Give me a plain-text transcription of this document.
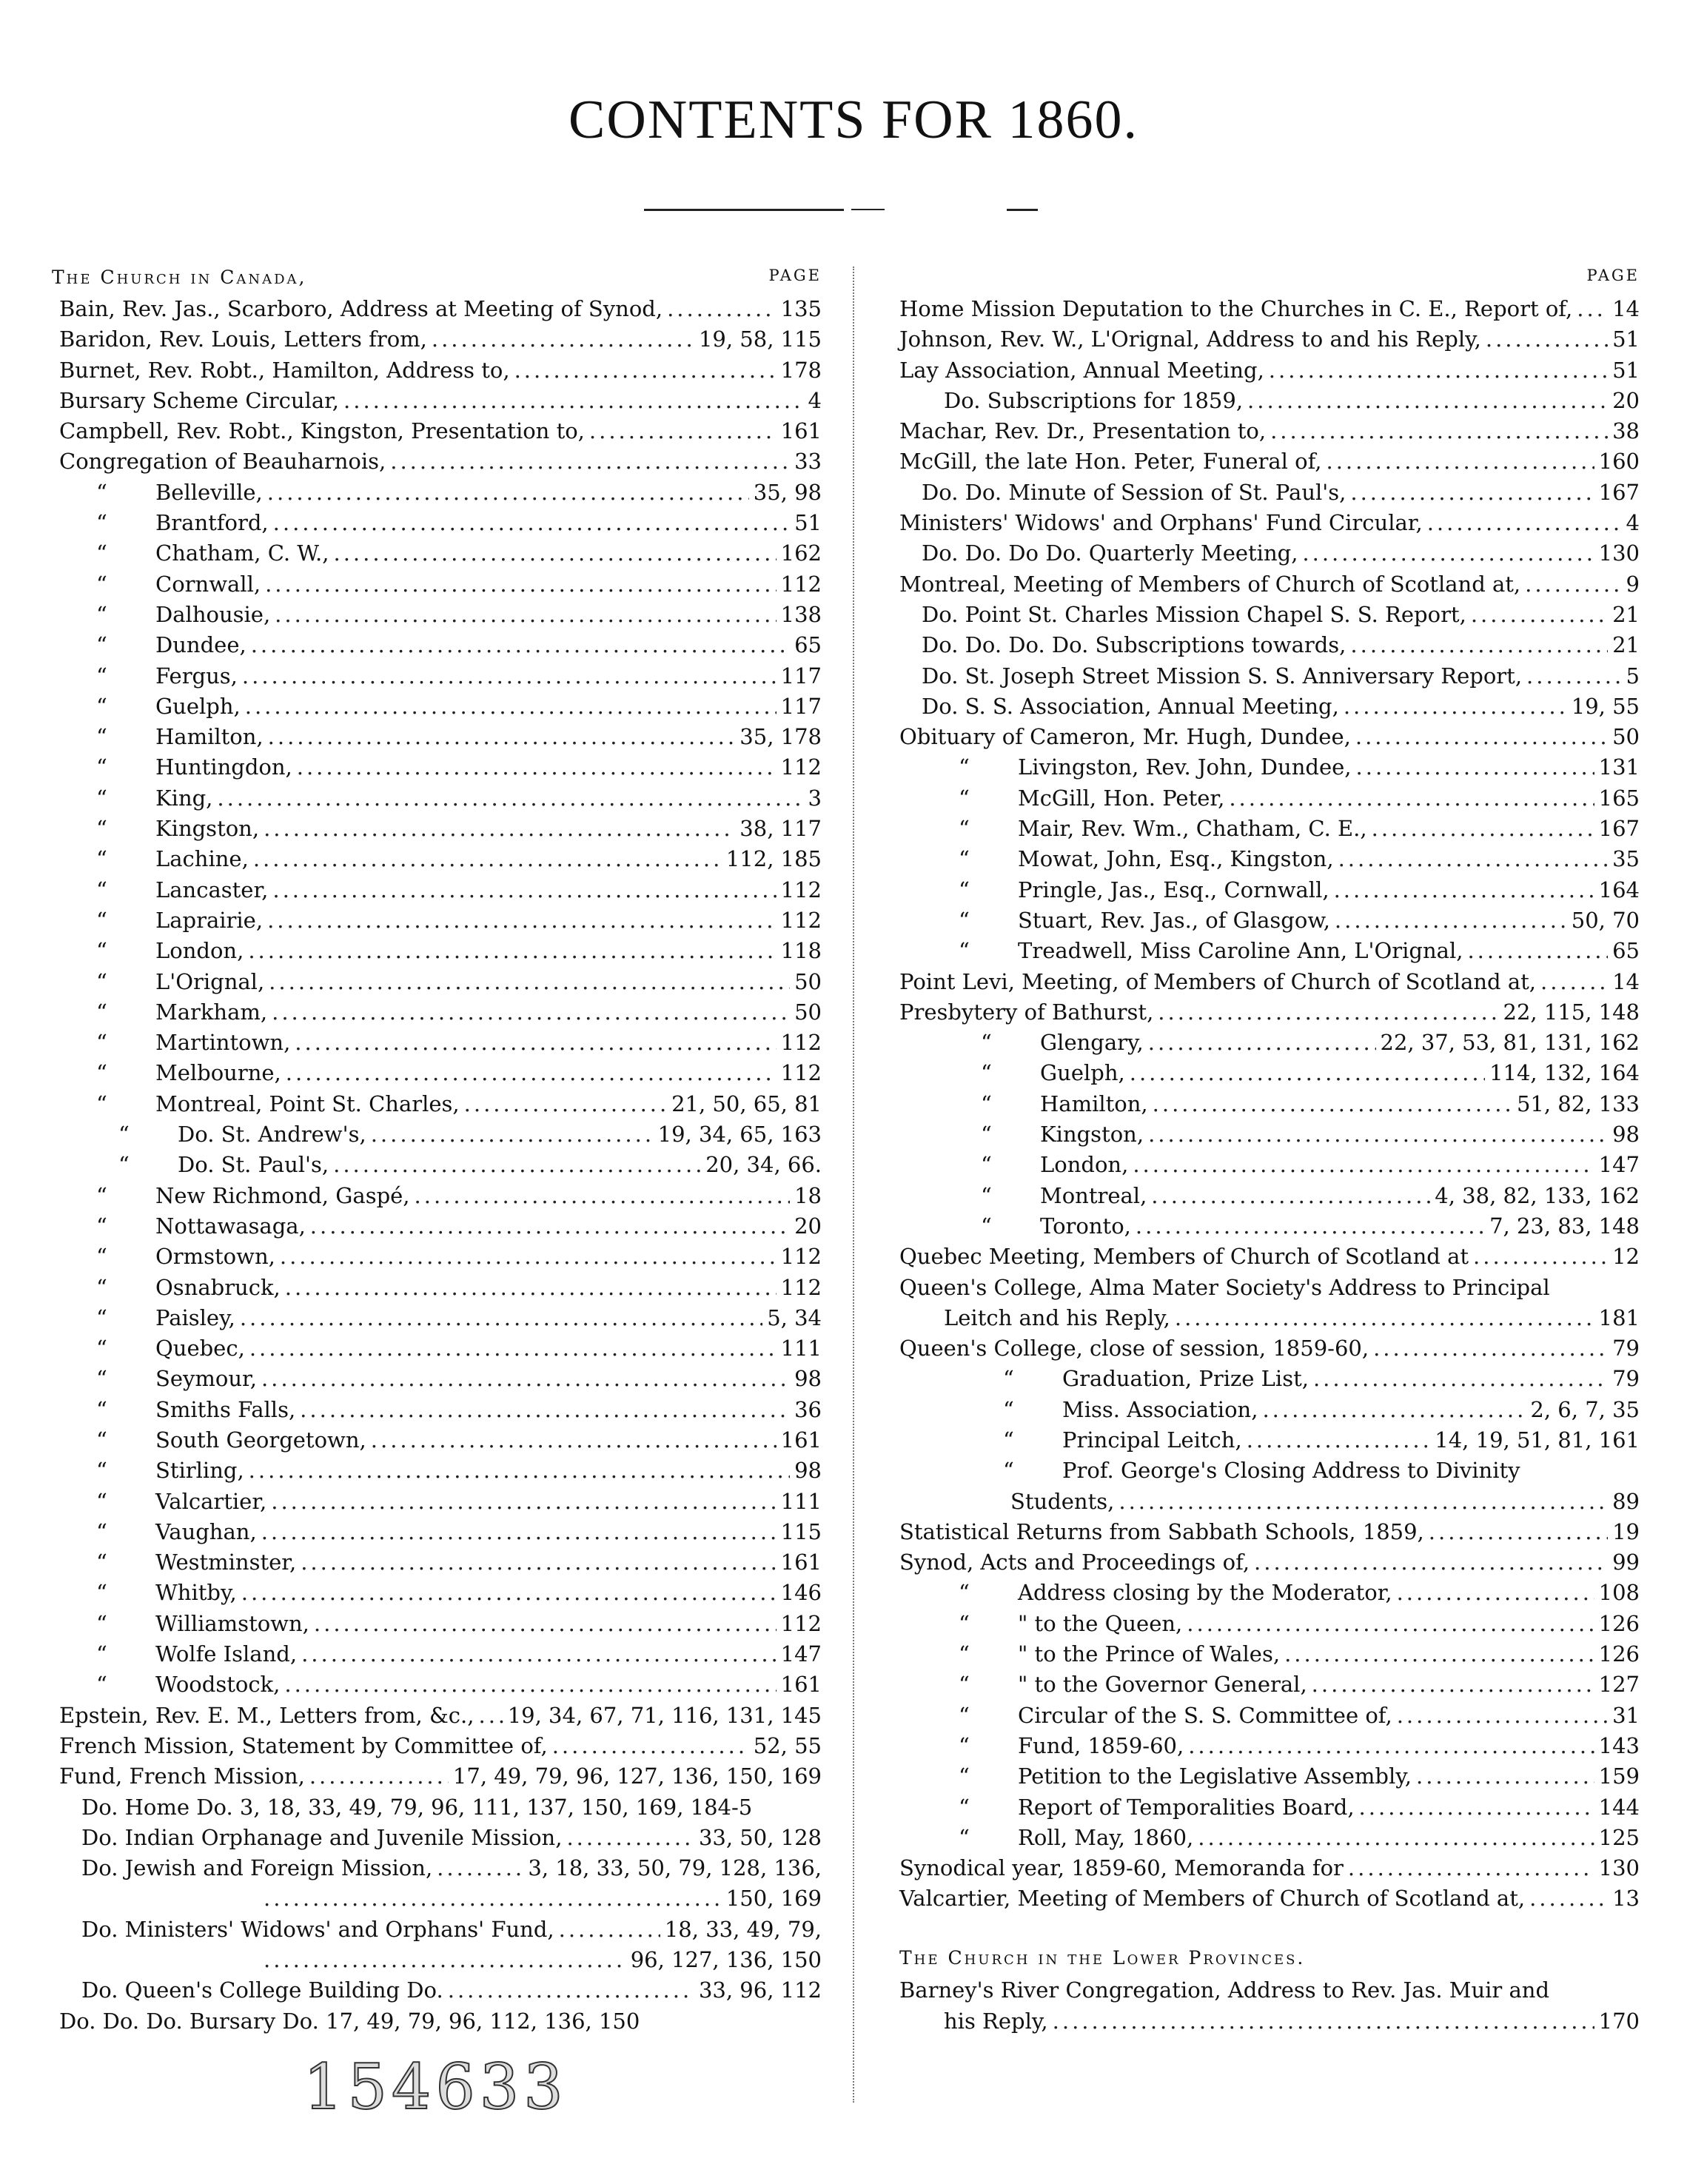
CONTENTS FOR 1860.
The Church in Canada,	PAGE
Bain, Rev. Jas., Scarboro, Address at Meeting of Synod, .....	135
Baridon, Rev. Louis, Letters from, .....	19, 58, 115
Burnet, Rev. Robt., Hamilton, Address to, .....	178
Bursary Scheme Circular, .....	4
Campbell, Rev. Robt., Kingston, Presentation to, .....	161
Congregation of Beauharnois, .....	33
“	Belleville, .....	35, 98
“	Brantford, .....	51
“	Chatham, C. W., .....	162
“	Cornwall, .....	112
“	Dalhousie, .....	138
“	Dundee, .....	65
“	Fergus, .....	117
“	Guelph, .....	117
“	Hamilton, .....	35, 178
“	Huntingdon, .....	112
“	King, .....	3
“	Kingston, .....	38, 117
“	Lachine, .....	112, 185
“	Lancaster, .....	112
“	Laprairie, .....	112
“	London, .....	118
“	L'Orignal, .....	50
“	Markham, .....	50
“	Martintown, .....	112
“	Melbourne, .....	112
“	Montreal, Point St. Charles, .....	21, 50, 65, 81
“	Do. St. Andrew's, .....	19, 34, 65, 163
“	Do. St. Paul's, .....	20, 34, 66.
“	New Richmond, Gaspé, .....	18
“	Nottawasaga, .....	20
“	Ormstown, .....	112
“	Osnabruck, .....	112
“	Paisley, .....	5, 34
“	Quebec, .....	111
“	Seymour, .....	98
“	Smiths Falls, .....	36
“	South Georgetown, .....	161
“	Stirling, .....	98
“	Valcartier, .....	111
“	Vaughan, .....	115
“	Westminster, .....	161
“	Whitby, .....	146
“	Williamstown, .....	112
“	Wolfe Island, .....	147
“	Woodstock, .....	161
Epstein, Rev. E. M., Letters from, &c., ..... 19, 34, 67, 71, 116, 131, 145
French Mission, Statement by Committee of, .....	52, 55
Fund, French Mission, .....	17, 49, 79, 96, 127, 136, 150, 169
Do. Home Do. 3, 18, 33, 49, 79, 96, 111, 137, 150, 169, 184-5
Do. Indian Orphanage and Juvenile Mission, .....	33, 50, 128
Do. Jewish and Foreign Mission, .....	3, 18, 33, 50, 79, 128, 136,
.....
150, 169
Do. Ministers' Widows' and Orphans' Fund, .....	18, 33, 49, 79,
.....
96, 127, 136, 150
Do. Queen's College Building Do. .....	33, 96, 112
Do. Do. Do. Bursary Do. 17, 49, 79, 96, 112, 136, 150
PAGE
Home Mission Deputation to the Churches in C. E., Report of, ..... 14
Johnson, Rev. W., L'Orignal, Address to and his Reply, .....	51
Lay Association, Annual Meeting, .....	51
Do. Subscriptions for 1859, .....	20
Machar, Rev. Dr., Presentation to, .....	38
McGill, the late Hon. Peter, Funeral of, .....	160
Do. Do. Minute of Session of St. Paul's, .....	167
Ministers' Widows' and Orphans' Fund Circular, .....	4
Do. Do. Do Do. Quarterly Meeting, .....	130
Montreal, Meeting of Members of Church of Scotland at, .....	9
Do. Point St. Charles Mission Chapel S. S. Report, .....	21
Do. Do. Do. Do. Subscriptions towards, .....	21
Do. St. Joseph Street Mission S. S. Anniversary Report, .....	5
Do. S. S. Association, Annual Meeting, .....	19, 55
Obituary of Cameron, Mr. Hugh, Dundee, .....	50
“	Livingston, Rev. John, Dundee, .....	131
“	McGill, Hon. Peter, .....	165
“	Mair, Rev. Wm., Chatham, C. E., .....	167
“	Mowat, John, Esq., Kingston, .....	35
“	Pringle, Jas., Esq., Cornwall, .....	164
“	Stuart, Rev. Jas., of Glasgow, .....	50, 70
“	Treadwell, Miss Caroline Ann, L'Orignal, .....	65
Point Levi, Meeting, of Members of Church of Scotland at, .....	14
Presbytery of Bathurst, .....	22, 115, 148
“	Glengary, .....	22, 37, 53, 81, 131, 162
“	Guelph, .....	114, 132, 164
“	Hamilton, .....	51, 82, 133
“	Kingston, .....	98
“	London, .....	147
“	Montreal, .....	4, 38, 82, 133, 162
“	Toronto, .....	7, 23, 83, 148
Quebec Meeting, Members of Church of Scotland at .....	12
Queen's College, Alma Mater Society's Address to Principal
Leitch and his Reply, .....	181
Queen's College, close of session, 1859-60, .....	79
“	Graduation, Prize List, .....	79
“	Miss. Association, .....	2, 6, 7, 35
“	Principal Leitch, .....	14, 19, 51, 81, 161
“	Prof. George's Closing Address to Divinity
Students, .....	89
Statistical Returns from Sabbath Schools, 1859, .....	19
Synod, Acts and Proceedings of, .....	99
“	Address closing by the Moderator, .....	108
“	" to the Queen, .....	126
“	" to the Prince of Wales, .....	126
“	" to the Governor General, .....	127
“	Circular of the S. S. Committee of, .....	31
“	Fund, 1859-60, .....	143
“	Petition to the Legislative Assembly, .....	159
“	Report of Temporalities Board, .....	144
“	Roll, May, 1860, .....	125
Synodical year, 1859-60, Memoranda for .....	130
Valcartier, Meeting of Members of Church of Scotland at, .....	13
The Church in the Lower Provinces.
Barney's River Congregation, Address to Rev. Jas. Muir and
his Reply, .....	170
154633
